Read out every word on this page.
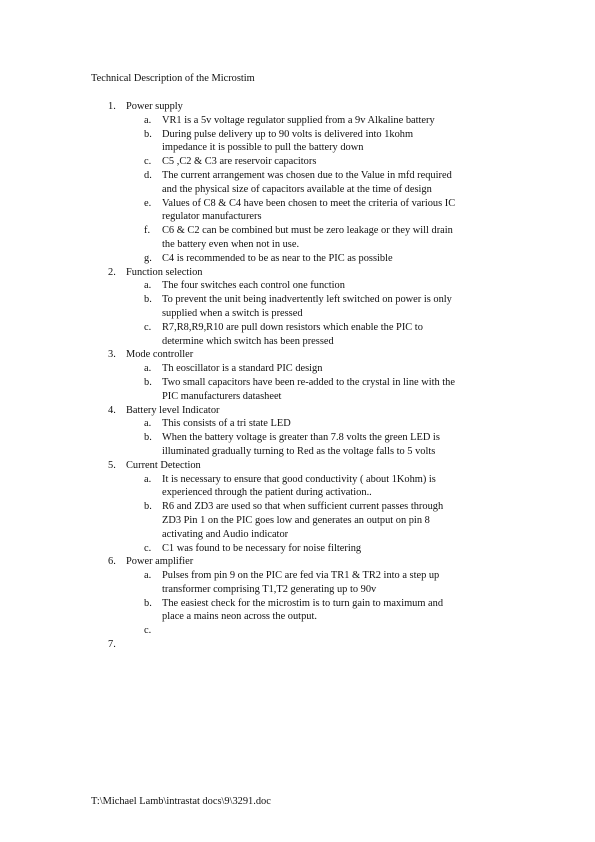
Technical Description of the Microstim
1. Power supply
a. VR1 is a 5v voltage regulator supplied from a 9v Alkaline battery
b. During pulse delivery up to 90 volts is delivered into 1kohm
impedance it is possible to pull the battery down
c. C5 ,C2 & C3 are reservoir capacitors
d. The current arrangement was chosen due to the Value in mfd required
and the physical size of capacitors available at the time of design
e. Values of C8 & C4 have been chosen to meet the criteria of various IC
regulator manufacturers
f. C6 & C2 can be combined but must be zero leakage or they will drain
the battery even when not in use.
g. C4 is recommended to be as near to the PIC as possible
2. Function selection
a. The four switches each control one function
b. To prevent the unit being inadvertently left switched on power is only
supplied when a switch is pressed
c. R7,R8,R9,R10 are pull down resistors which enable the PIC to
determine which switch has been pressed
3. Mode controller
a. Th eoscillator is a standard PIC design
b. Two small capacitors have been re-added to the crystal in line with the
PIC manufacturers datasheet
4. Battery level Indicator
a. This consists of a tri state LED
b. When the battery voltage is greater than 7.8 volts the green LED is
illuminated gradually turning to Red as the voltage falls to 5 volts
5. Current Detection
a. It is necessary to ensure that good conductivity ( about 1Kohm) is
experienced through the patient during activation..
b. R6 and ZD3 are used so that when sufficient current passes through
ZD3 Pin 1 on the PIC goes low and generates an output on pin 8
activating and Audio indicator
c. C1 was found to be necessary for noise filtering
6. Power amplifier
a. Pulses from pin 9 on the PIC are fed via TR1 & TR2 into a step up
transformer comprising T1,T2 generating up to 90v
b. The easiest check for the microstim is to turn gain to maximum and
place a mains neon across the output.
c.

7.

T:\Michael Lamb\intrastat docs\9\3291.doc
